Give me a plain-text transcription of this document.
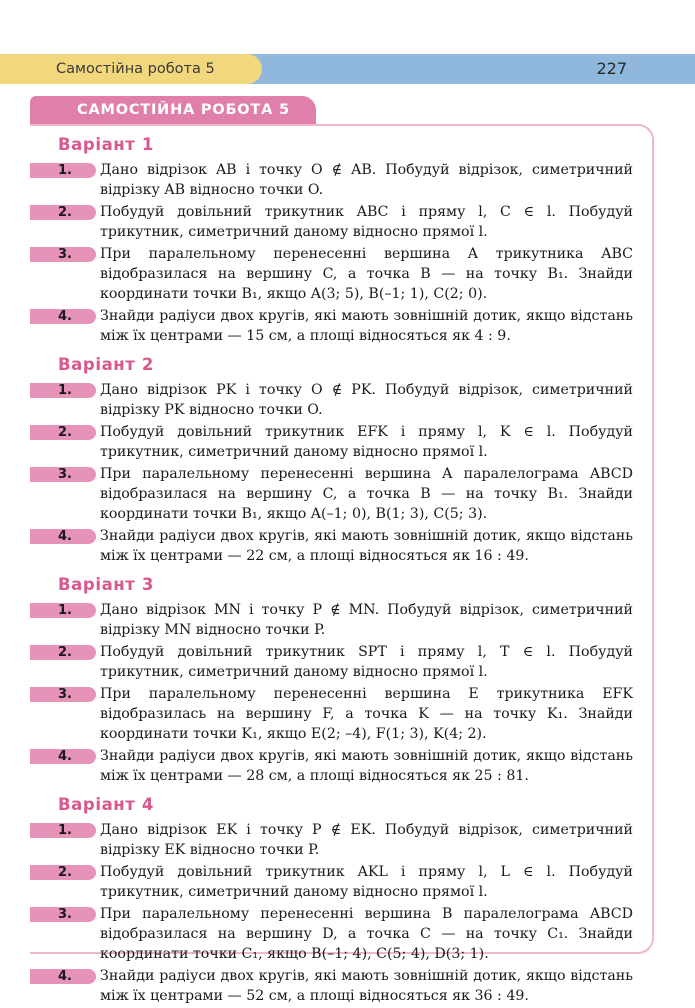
Самостійна робота 5	227
САМОСТІЙНА РОБОТА 5
Варіант 1
1.	Дано відрізок AB і точку O ∉ AB. Побудуй відрізок, симетричний відрізку AB відносно точки O.
2.	Побудуй довільний трикутник ABC і пряму l, C ∈ l. Побудуй трикутник, симетричний даному відносно прямої l.
3.	При паралельному перенесенні вершина A трикутника ABC відобразилася на вершину C, а точка B — на точку B₁. Знайди координати точки B₁, якщо A(3; 5), B(–1; 1), C(2; 0).
4.	Знайди радіуси двох кругів, які мають зовнішній дотик, якщо відстань між їх центрами — 15 см, а площі відносяться як 4 : 9.
Варіант 2
1.	Дано відрізок PK і точку O ∉ PK. Побудуй відрізок, симетричний відрізку PK відносно точки O.
2.	Побудуй довільний трикутник EFK і пряму l, K ∈ l. Побудуй трикутник, симетричний даному відносно прямої l.
3.	При паралельному перенесенні вершина A паралелограма ABCD відобразилася на вершину C, а точка B — на точку B₁. Знайди координати точки B₁, якщо A(–1; 0), B(1; 3), C(5; 3).
4.	Знайди радіуси двох кругів, які мають зовнішній дотик, якщо відстань між їх центрами — 22 см, а площі відносяться як 16 : 49.
Варіант 3
1.	Дано відрізок MN і точку P ∉ MN. Побудуй відрізок, симетричний відрізку MN відносно точки P.
2.	Побудуй довільний трикутник SPT і пряму l, T ∈ l. Побудуй трикутник, симетричний даному відносно прямої l.
3.	При паралельному перенесенні вершина E трикутника EFK відобразилась на вершину F, а точка K — на точку K₁. Знайди координати точки K₁, якщо E(2; –4), F(1; 3), K(4; 2).
4.	Знайди радіуси двох кругів, які мають зовнішній дотик, якщо відстань між їх центрами — 28 см, а площі відносяться як 25 : 81.
Варіант 4
1.	Дано відрізок EK і точку P ∉ EK. Побудуй відрізок, симетричний відрізку EK відносно точки P.
2.	Побудуй довільний трикутник AKL і пряму l, L ∈ l. Побудуй трикутник, симетричний даному відносно прямої l.
3.	При паралельному перенесенні вершина B паралелограма ABCD відобразилася на вершину D, а точка C — на точку C₁. Знайди координати точки C₁, якщо B(–1; 4), C(5; 4), D(3; 1).
4.	Знайди радіуси двох кругів, які мають зовнішній дотик, якщо відстань між їх центрами — 52 см, а площі відносяться як 36 : 49.
